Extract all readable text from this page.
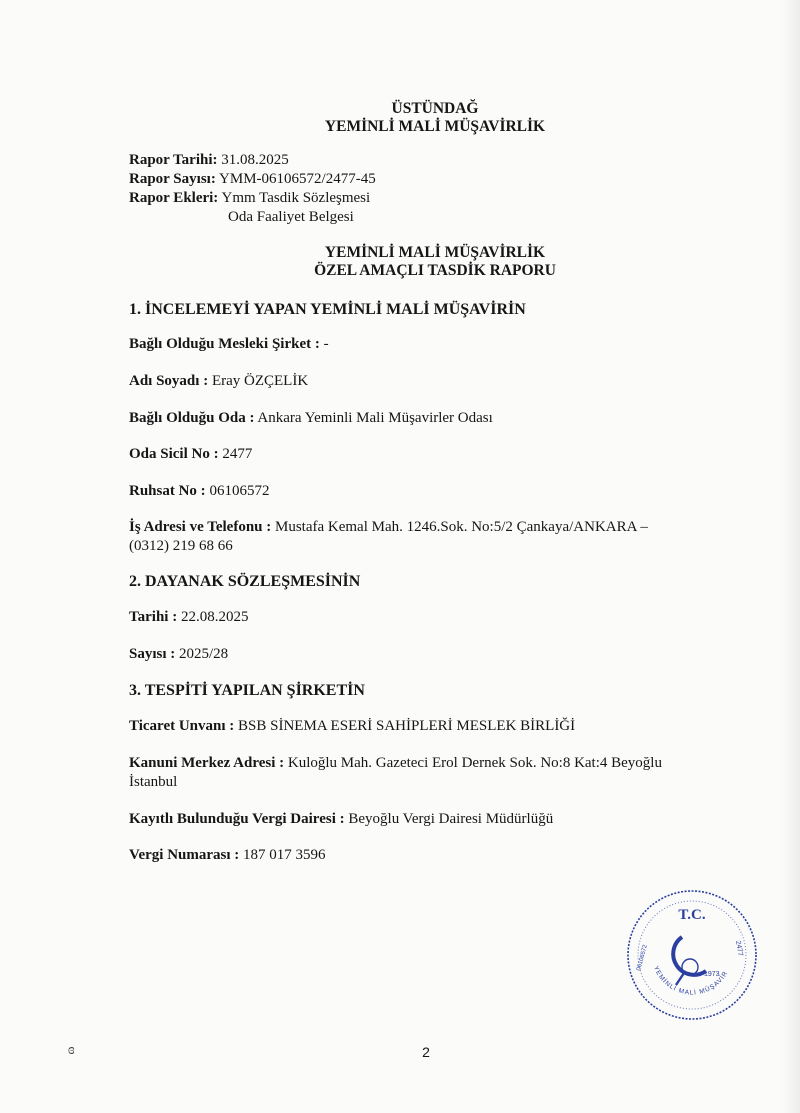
ÜSTÜNDAĞ
YEMİNLİ MALİ MÜŞAVİRLİK
Rapor Tarihi: 31.08.2025
Rapor Sayısı: YMM-06106572/2477-45
Rapor Ekleri: Ymm Tasdik Sözleşmesi
Oda Faaliyet Belgesi
YEMİNLİ MALİ MÜŞAVİRLİK
ÖZEL AMAÇLI TASDİK RAPORU
1. İNCELEMEYİ YAPAN YEMİNLİ MALİ MÜŞAVİRİN
Bağlı Olduğu Mesleki Şirket : -
Adı Soyadı : Eray ÖZÇELİK
Bağlı Olduğu Oda : Ankara Yeminli Mali Müşavirler Odası
Oda Sicil No : 2477
Ruhsat No : 06106572
İş Adresi ve Telefonu : Mustafa Kemal Mah. 1246.Sok. No:5/2 Çankaya/ANKARA – (0312) 219 68 66
2. DAYANAK SÖZLEŞMESİNİN
Tarihi : 22.08.2025
Sayısı : 2025/28
3. TESPİTİ YAPILAN ŞİRKETİN
Ticaret Unvanı : BSB SİNEMA ESERİ SAHİPLERİ MESLEK BİRLİĞİ
Kanuni Merkez Adresi : Kuloğlu Mah. Gazeteci Erol Dernek Sok. No:8 Kat:4 Beyoğlu İstanbul
Kayıtlı Bulunduğu Vergi Dairesi : Beyoğlu Vergi Dairesi Müdürlüğü
Vergi Numarası : 187 017 3596
T.C.
YEMİNLİ MALİ MÜŞAVİR
2477
1973
06106572
ɞ	2
